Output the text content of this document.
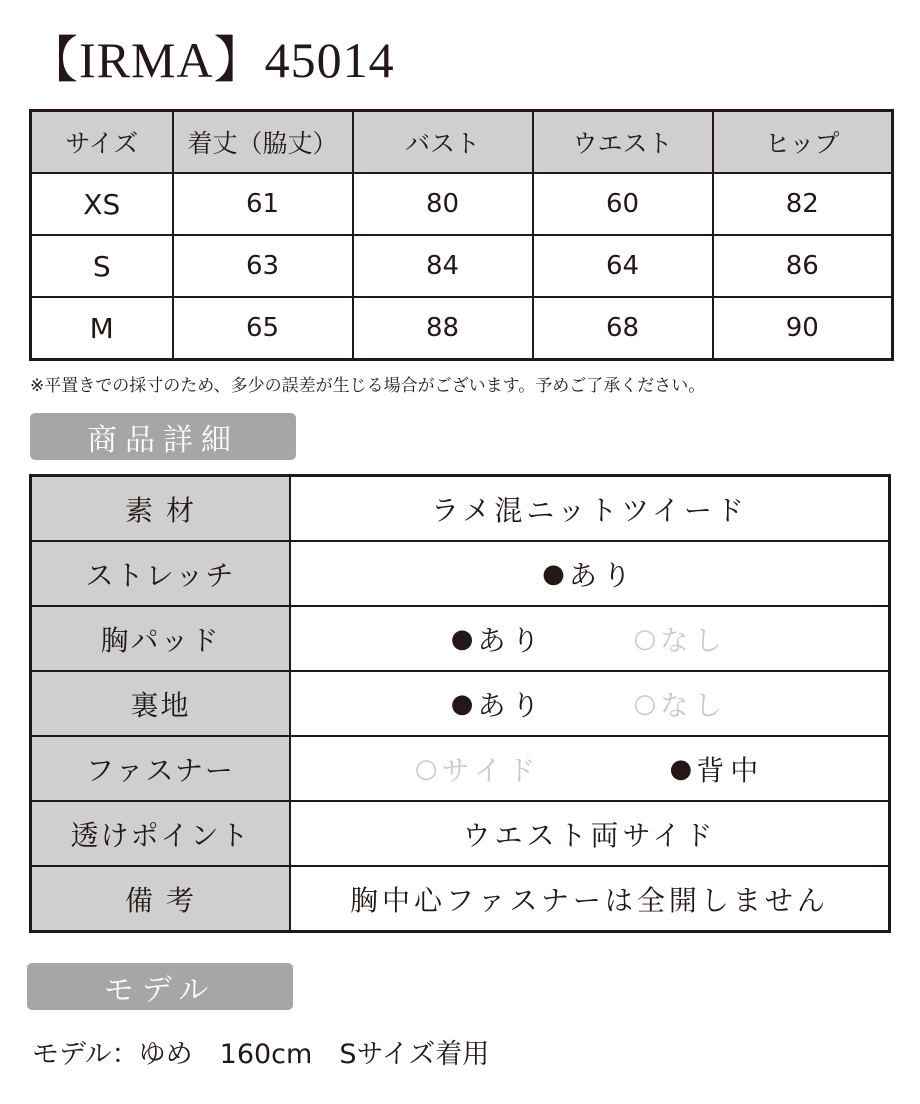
【IRMA】45014
サイズ	着丈（脇丈）	バスト	ウエスト	ヒップ
XS	61	80	60	82
S	63	84	64	86
M	65	88	68	90
※平置きでの採寸のため、多少の誤差が生じる場合がございます。予めご了承ください。
商品詳細
素 材	ラメ混ニットツイード
ストレッチ	● あり

胸パッド	● あり ○ なし

裏地	● あり ○ なし

ファスナー	○ サイド ● 背中

透けポイント	ウエスト両サイド
備 考	胸中心ファスナーは全開しません
モデル
モデル：ゆめ　160cm　Sサイズ着用
